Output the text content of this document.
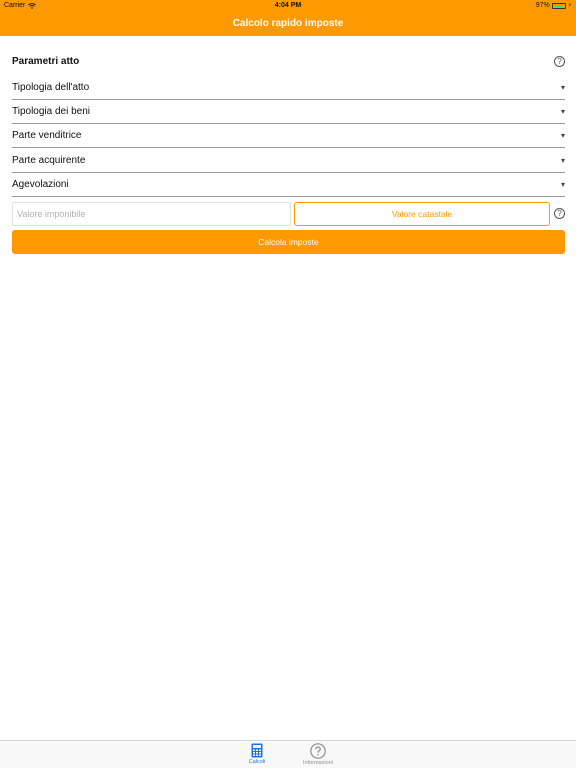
Carrier	4:04 PM	97%	⚡
Calcolo rapido imposte
Parametri atto	?
Tipologia dell'atto	▾
Tipologia dei beni	▾
Parte venditrice	▾
Parte acquirente	▾
Agevolazioni	▾
Valore imponibile
Valore catastale	?
Calcola imposte
Calcoli	Informazioni
